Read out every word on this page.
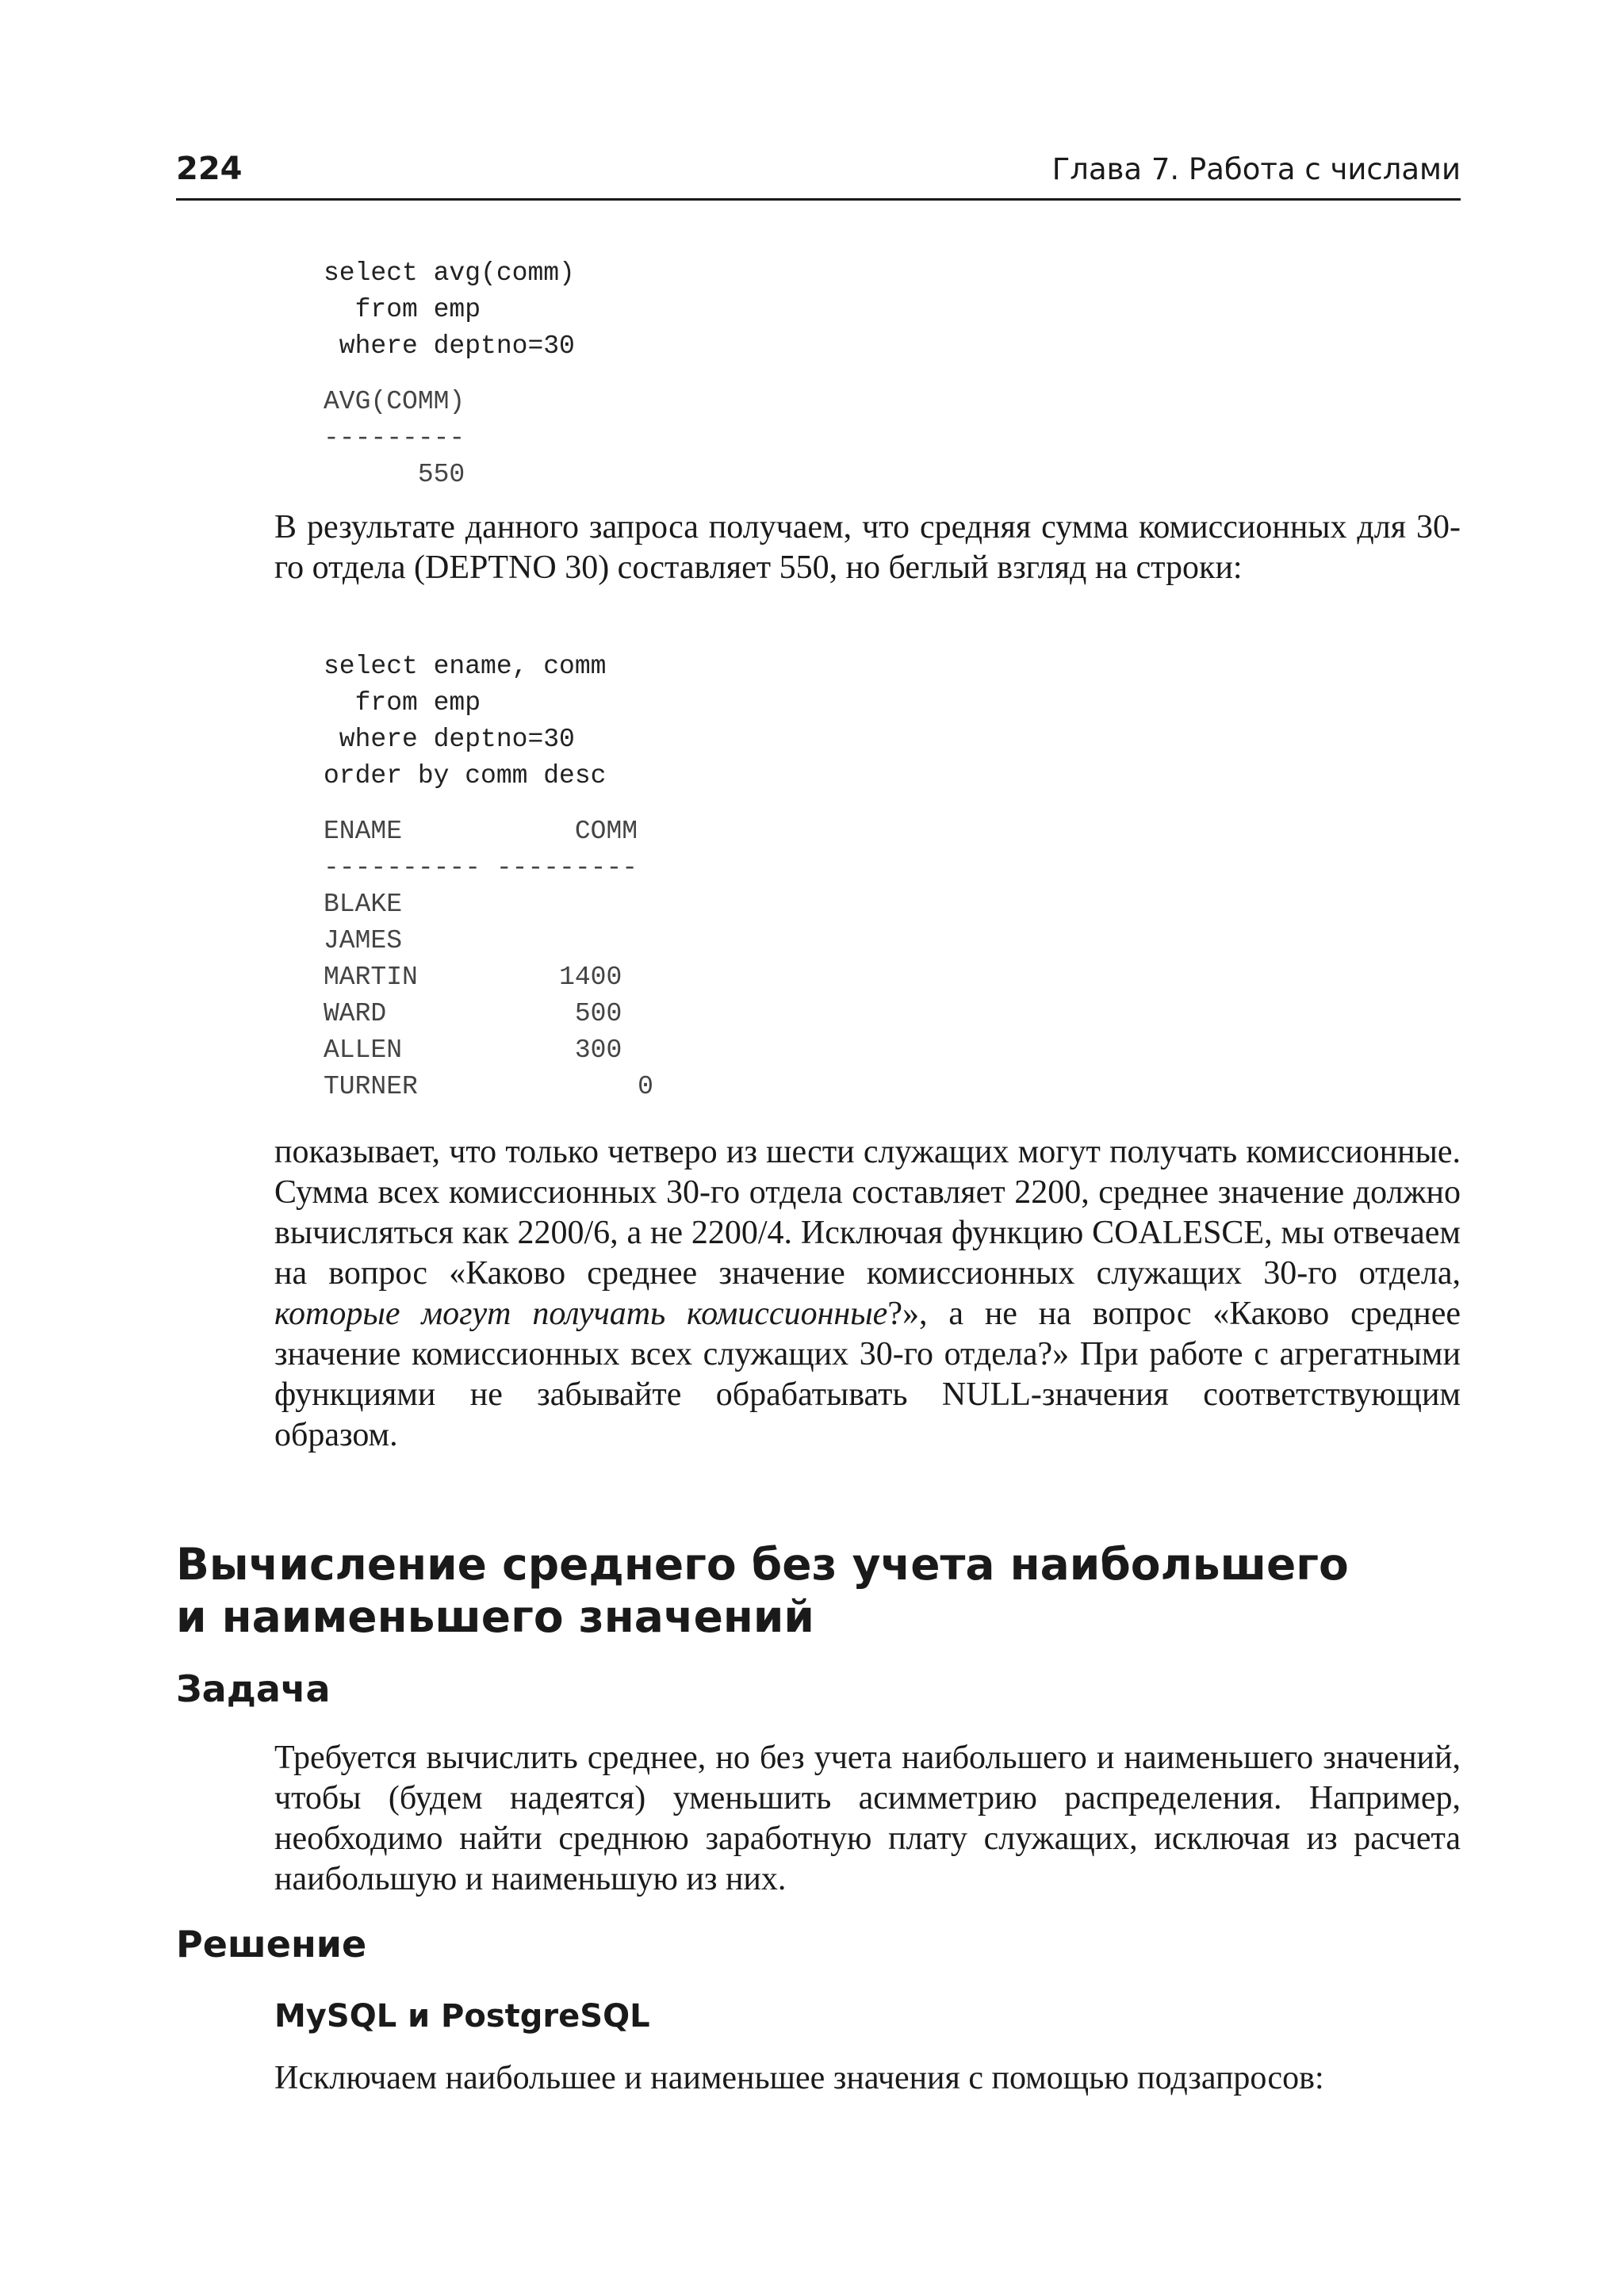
224	Глава 7. Работа с числами
select avg(comm)
from emp
where deptno=30
AVG(COMM)
---------
550

В результате данного запроса получаем, что средняя сумма комиссионных для 30-го отдела (DEPTNO 30) составляет 550, но беглый взгляд на строки:

select ename, comm
from emp
where deptno=30
order by comm desc
ENAME	COMM
---------- ---------
BLAKE
JAMES
MARTIN	1400
WARD	500
ALLEN	300
TURNER	0

показывает, что только четверо из шести служащих могут получать комиссионные. Сумма всех комиссионных 30-го отдела составляет 2200, среднее значение должно вычисляться как 2200/6, а не 2200/4. Исключая функцию COALESCE, мы отвечаем на вопрос «Каково среднее значение комиссионных служащих 30-го отдела, которые могут получать комиссионные?», а не на вопрос «Каково среднее значение комиссионных всех служащих 30-го отдела?» При работе с агрегатными функциями не забывайте обрабатывать NULL-значения соответствующим образом.

Вычисление среднего без учета наибольшего
и наименьшего значений
Задача

Требуется вычислить среднее, но без учета наибольшего и наименьшего значений, чтобы (будем надеятся) уменьшить асимметрию распределения. Например, необходимо найти среднюю заработную плату служащих, исключая из расчета наибольшую и наименьшую из них.

Решение
MySQL и PostgreSQL

Исключаем наибольшее и наименьшее значения с помощью подзапросов:
